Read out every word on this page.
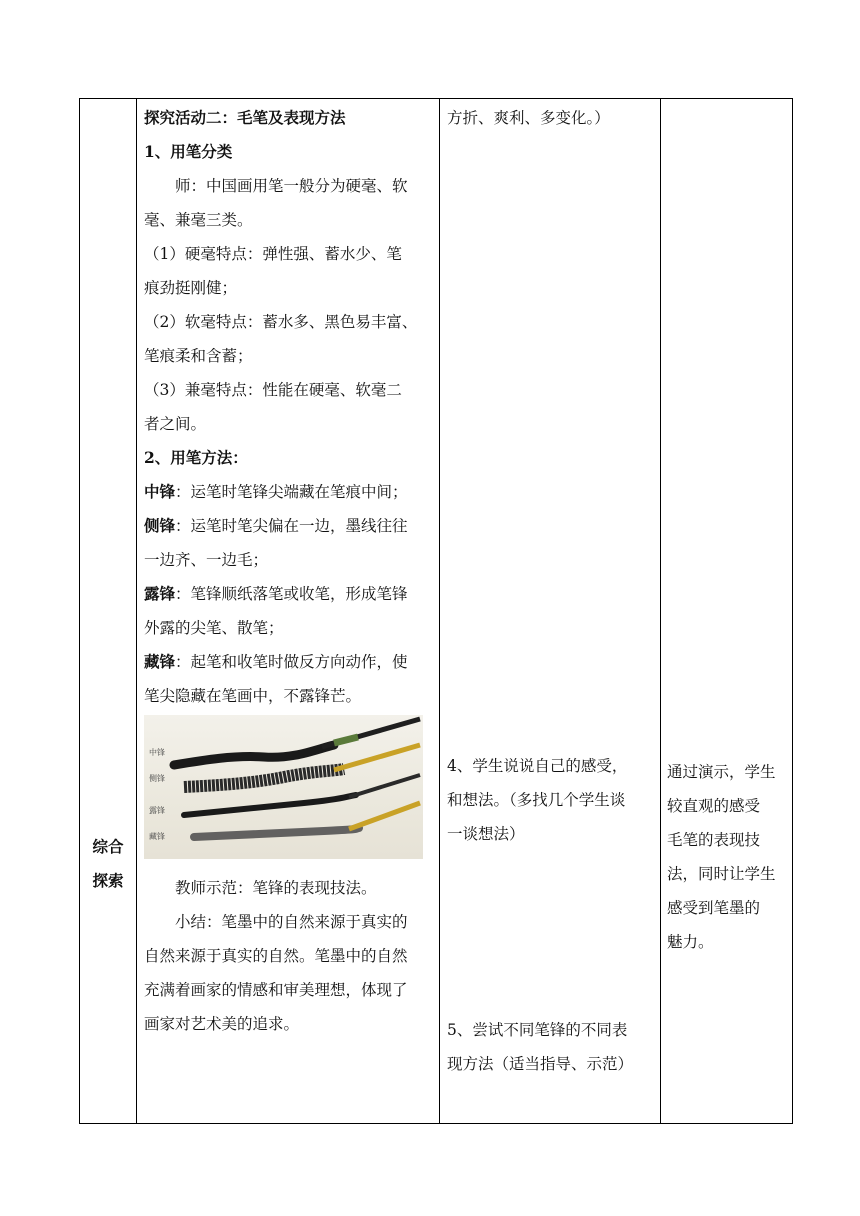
综合探索

探究活动二：毛笔及表现方法

1、用笔分类

　　师：中国画用笔一般分为硬毫、软

毫、兼毫三类。

（1）硬毫特点：弹性强、蓄水少、笔

痕劲挺刚健；

（2）软毫特点：蓄水多、黑色易丰富、

笔痕柔和含蓄；

（3）兼毫特点：性能在硬毫、软毫二

者之间。

2、用笔方法：

中锋：运笔时笔锋尖端藏在笔痕中间；

侧锋：运笔时笔尖偏在一边，墨线往往

一边齐、一边毛；

露锋：笔锋顺纸落笔或收笔，形成笔锋

外露的尖笔、散笔；

藏锋：起笔和收笔时做反方向动作，使

笔尖隐藏在笔画中，不露锋芒。

中锋
侧锋
露锋
藏锋

　　教师示范：笔锋的表现技法。

　　小结：笔墨中的自然来源于真实的

自然来源于真实的自然。笔墨中的自然

充满着画家的情感和审美理想，体现了

画家对艺术美的追求。

方折、爽利、多变化。）

4、学生说说自己的感受，

和想法。（多找几个学生谈

一谈想法）

5、尝试不同笔锋的不同表

现方法（适当指导、示范）

通过演示，学生

较直观的感受

毛笔的表现技

法，同时让学生

感受到笔墨的

魅力。
